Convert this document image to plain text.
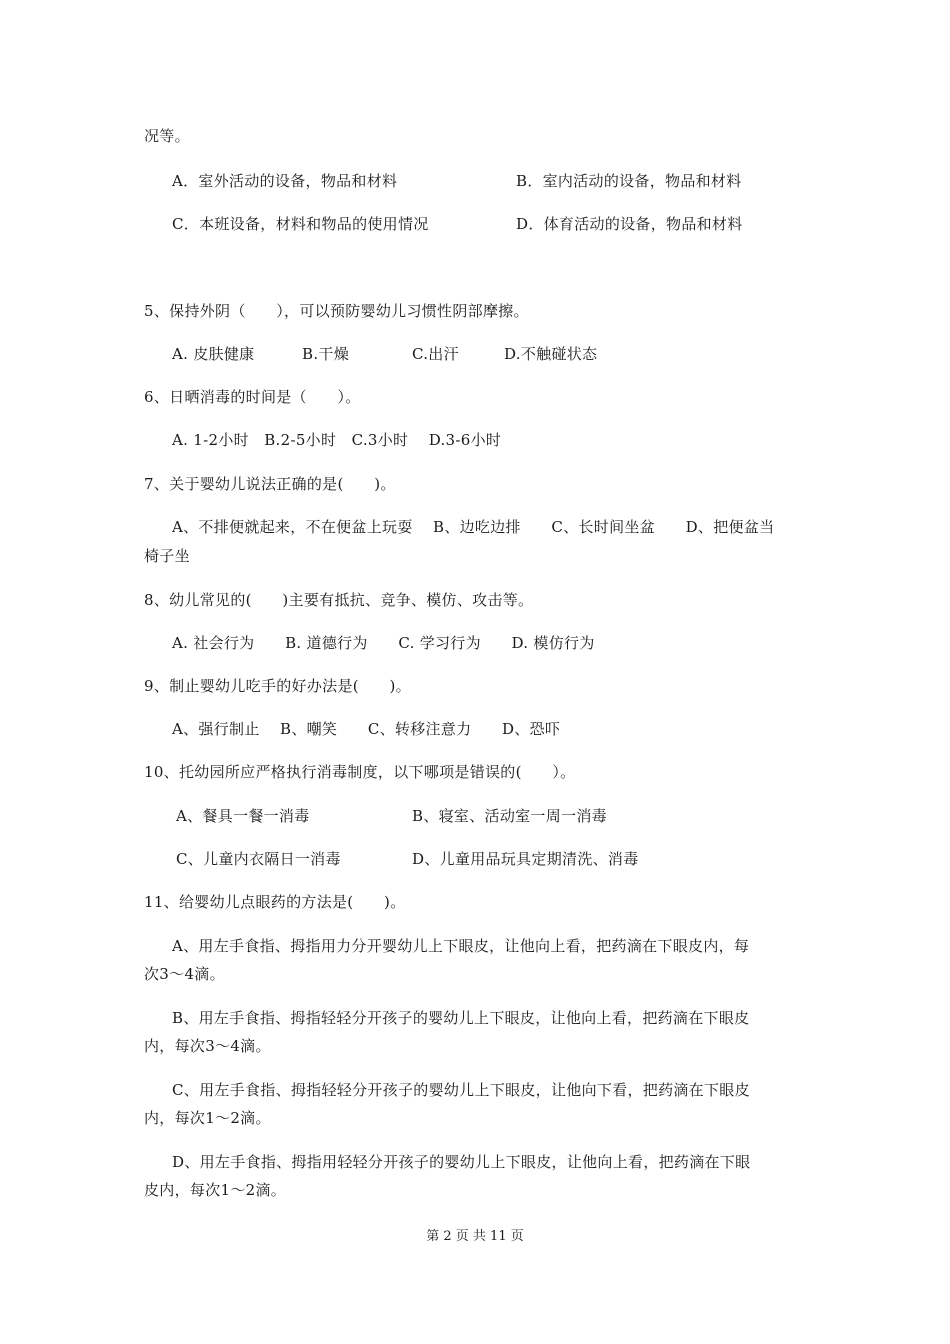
况等。
A．室外活动的设备，物品和材料	B．室内活动的设备，物品和材料
C．本班设备，材料和物品的使用情况	D．体育活动的设备，物品和材料
5、保持外阴（　　），可以预防婴幼儿习惯性阴部摩擦。
A. 皮肤健康	B.干燥	C.出汗	D.不触碰状态
6、日晒消毒的时间是（　　）。
A. 1-2小时　B.2-5小时　C.3小时　 D.3-6小时
7、关于婴幼儿说法正确的是(　　)。
A、不排便就起来，不在便盆上玩耍　 B、边吃边排　　C、长时间坐盆　　D、把便盆当
椅子坐
8、幼儿常见的(　　)主要有抵抗、竞争、模仿、攻击等。
A. 社会行为　　B. 道德行为　　C. 学习行为　　D. 模仿行为
9、制止婴幼儿吃手的好办法是(　　)。
A、强行制止　 B、嘲笑　　C、转移注意力　　D、恐吓
10、托幼园所应严格执行消毒制度，以下哪项是错误的(　　）。
A、餐具一餐一消毒	B、寝室、活动室一周一消毒
C、儿童内衣隔日一消毒	D、儿童用品玩具定期清洗、消毒
11、给婴幼儿点眼药的方法是(　　)。
A、用左手食指、拇指用力分开婴幼儿上下眼皮，让他向上看，把药滴在下眼皮内，每
次3～4滴。
B、用左手食指、拇指轻轻分开孩子的婴幼儿上下眼皮，让他向上看，把药滴在下眼皮
内，每次3～4滴。
C、用左手食指、拇指轻轻分开孩子的婴幼儿上下眼皮，让他向下看，把药滴在下眼皮
内，每次1～2滴。
D、用左手食指、拇指用轻轻分开孩子的婴幼儿上下眼皮，让他向上看，把药滴在下眼
皮内，每次1～2滴。
第 2 页 共 11 页
